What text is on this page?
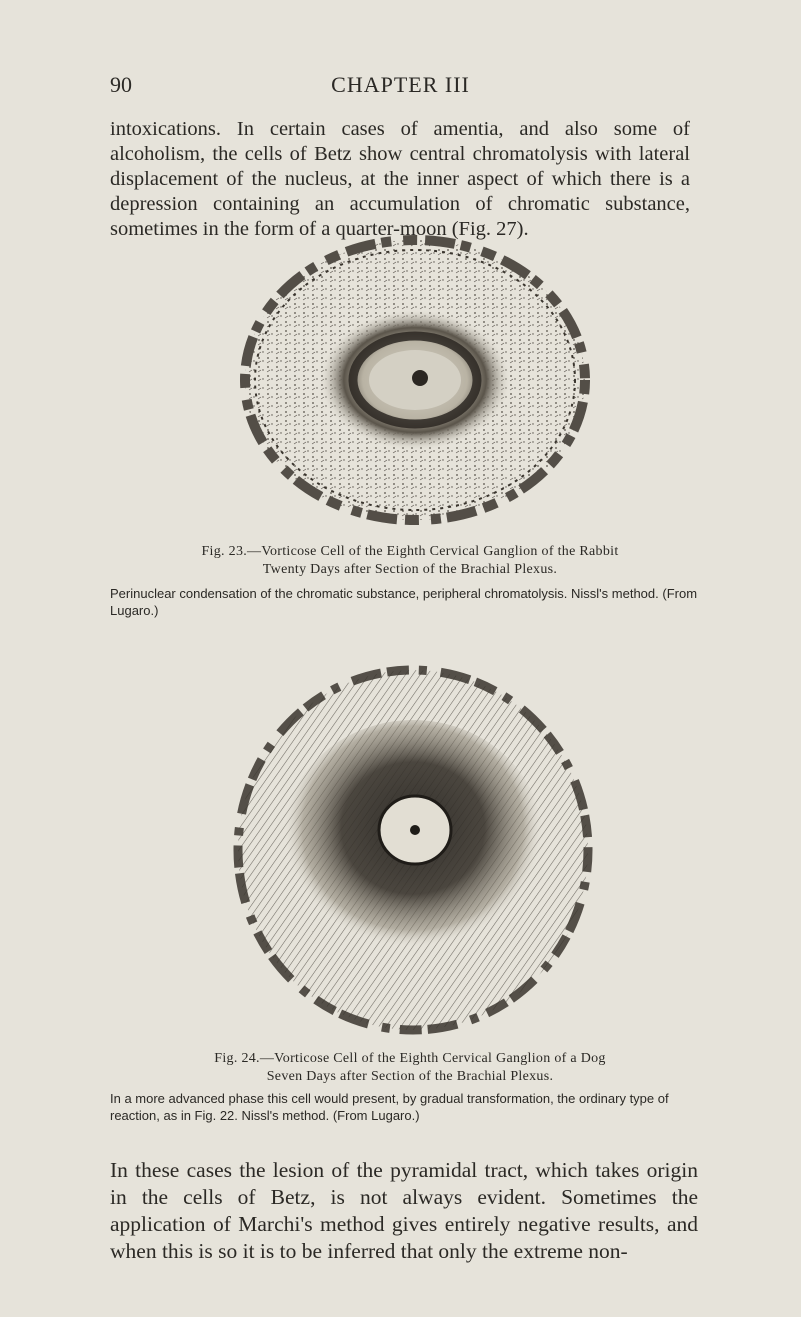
90	CHAPTER III

intoxications. In certain cases of amentia, and also some of alcoholism, the cells of Betz show central chromatolysis with lateral displacement of the nucleus, at the inner aspect of which there is a depression containing an accumulation of chromatic substance, sometimes in the form of a quarter-moon (Fig. 27).

Fig. 23.—Vorticose Cell of the Eighth Cervical Ganglion of the Rabbit
Twenty Days after Section of the Brachial Plexus.

Perinuclear condensation of the chromatic substance, peripheral chromatolysis. Nissl's method. (From Lugaro.)

Fig. 24.—Vorticose Cell of the Eighth Cervical Ganglion of a Dog
Seven Days after Section of the Brachial Plexus.

In a more advanced phase this cell would present, by gradual transformation, the ordinary type of reaction, as in Fig. 22. Nissl's method. (From Lugaro.)

In these cases the lesion of the pyramidal tract, which takes origin in the cells of Betz, is not always evident. Sometimes the application of Marchi's method gives entirely negative results, and when this is so it is to be inferred that only the extreme non-
